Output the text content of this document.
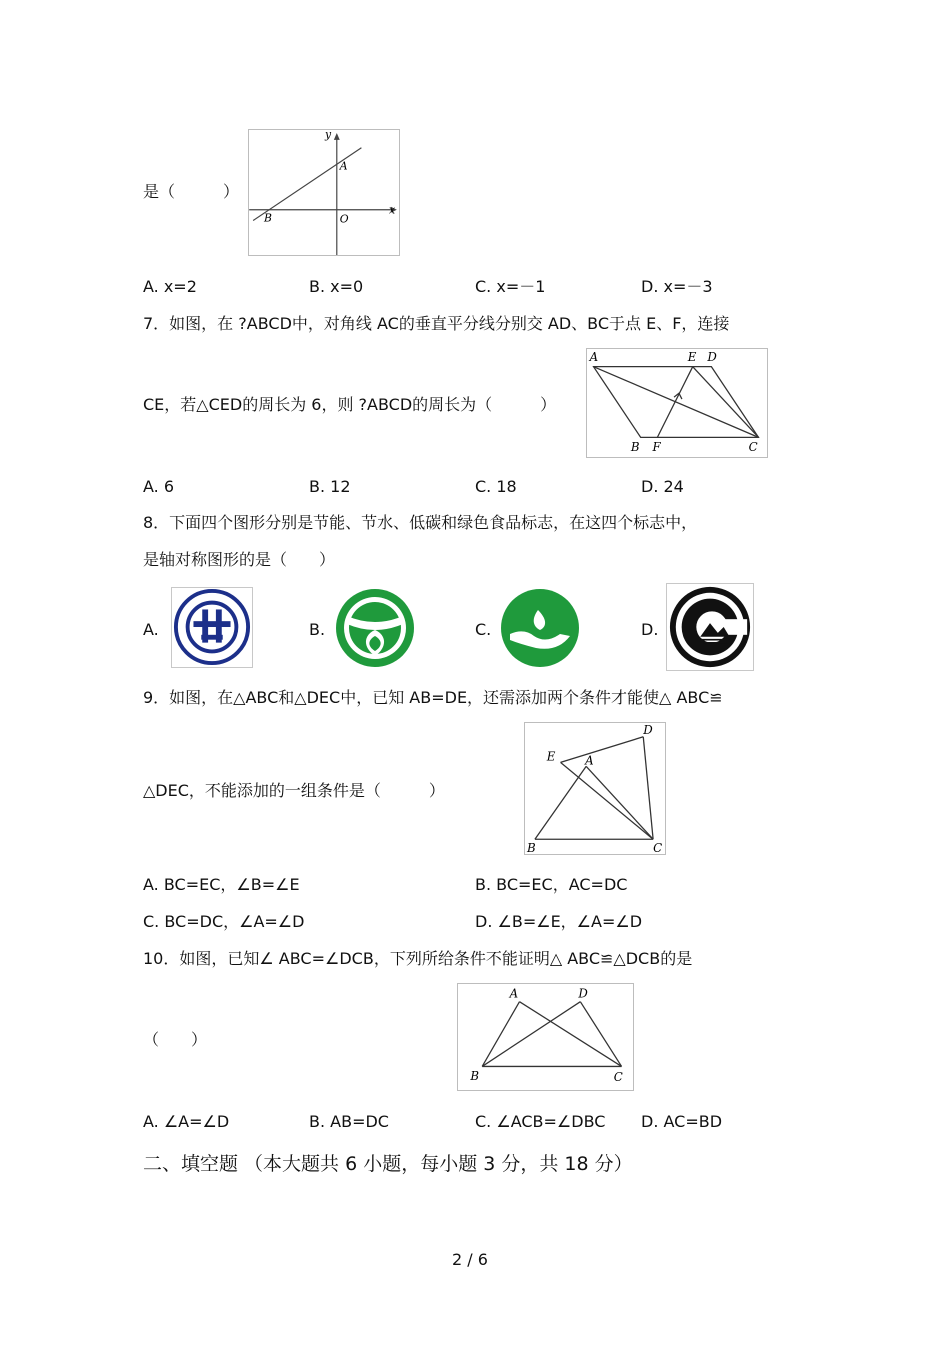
是（　　　）
y
x
A
B	O
A. x=2	B. x=0	C. x=－1	D. x=－3
7．如图，在 ?ABCD中，对角线 AC的垂直平分线分别交 AD、BC于点 E、F，连接
CE，若△CED的周长为 6，则 ?ABCD的周长为（　　　）
A	E D
B F	C
A. 6	B. 12	C. 18	D. 24
8．下面四个图形分别是节能、节水、低碳和绿色食品标志，在这四个标志中，
是轴对称图形的是（　　）
A.	B.	C.	D.
9．如图，在△ABC和△DEC中，已知 AB=DE，还需添加两个条件才能使△ ABC≌
△DEC，不能添加的一组条件是（　　　）
D
E A
B	C
A. BC=EC，∠B=∠E	B. BC=EC，AC=DC
C. BC=DC，∠A=∠D	D. ∠B=∠E，∠A=∠D
10．如图，已知∠ ABC=∠DCB，下列所给条件不能证明△ ABC≌△DCB的是
（　　）
A	D
B	C
A. ∠A=∠D	B. AB=DC	C. ∠ACB=∠DBC D. AC=BD
二、填空题 （本大题共 6 小题，每小题 3 分，共 18 分）
2 / 6
